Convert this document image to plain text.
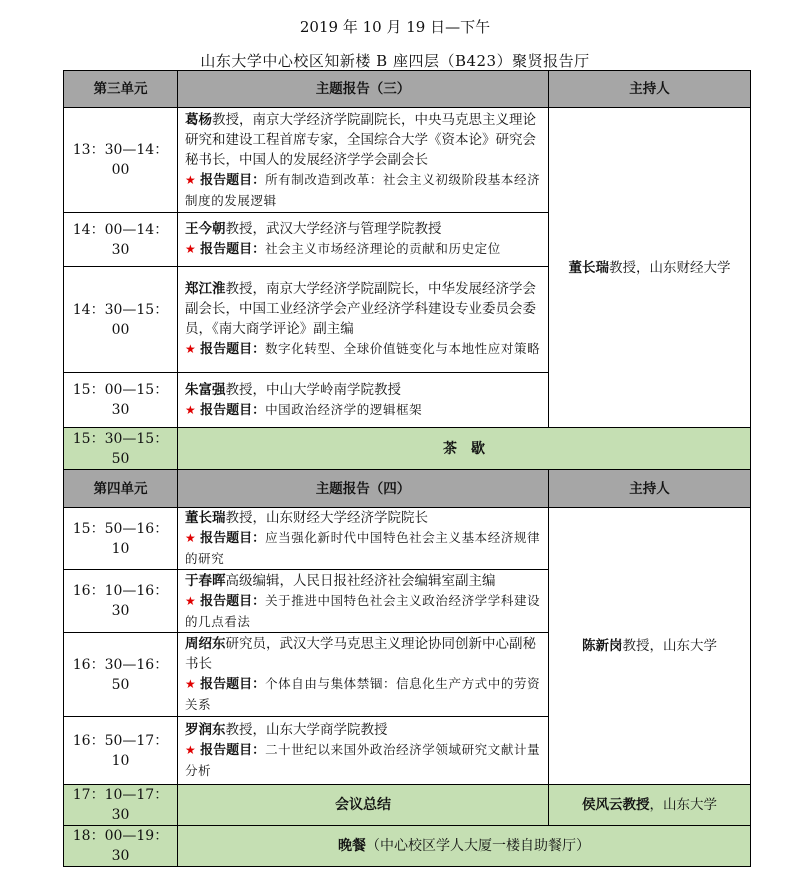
2019 年 10 月 19 日—下午
山东大学中心校区知新楼 B 座四层（B423）聚贤报告厅
第三单元	主题报告（三）	主持人
13：30—14：00	葛杨教授，南京大学经济学院副院长，中央马克思主义理论研究和建设工程首席专家，全国综合大学《资本论》研究会秘书长，中国人的发展经济学学会副会长
★ 报告题目：所有制改造到改革：社会主义初级阶段基本经济制度的发展逻辑	董长瑞教授，山东财经大学
14：00—14：30	王今朝教授，武汉大学经济与管理学院教授
★ 报告题目：社会主义市场经济理论的贡献和历史定位	
14：30—15：00	郑江淮教授，南京大学经济学院副院长，中华发展经济学会副会长，中国工业经济学会产业经济学科建设专业委员会委员，《南大商学评论》副主编
★ 报告题目：数字化转型、全球价值链变化与本地性应对策略	
15：00—15：30	朱富强教授，中山大学岭南学院教授
★ 报告题目：中国政治经济学的逻辑框架	
15：30—15：50	茶　歇	
第四单元	主题报告（四）	主持人
15：50—16：10	董长瑞教授，山东财经大学经济学院院长
★ 报告题目：应当强化新时代中国特色社会主义基本经济规律的研究	陈新岗教授，山东大学
16：10—16：30	于春晖高级编辑，人民日报社经济社会编辑室副主编
★ 报告题目：关于推进中国特色社会主义政治经济学学科建设的几点看法	
16：30—16：50	周绍东研究员，武汉大学马克思主义理论协同创新中心副秘书长
★ 报告题目：个体自由与集体禁锢：信息化生产方式中的劳资关系	
16：50—17：10	罗润东教授，山东大学商学院教授
★ 报告题目：二十世纪以来国外政治经济学领域研究文献计量分析	
17：10—17：30	会议总结	侯风云教授，山东大学
18：00—19：30	晚餐（中心校区学人大厦一楼自助餐厅）	
